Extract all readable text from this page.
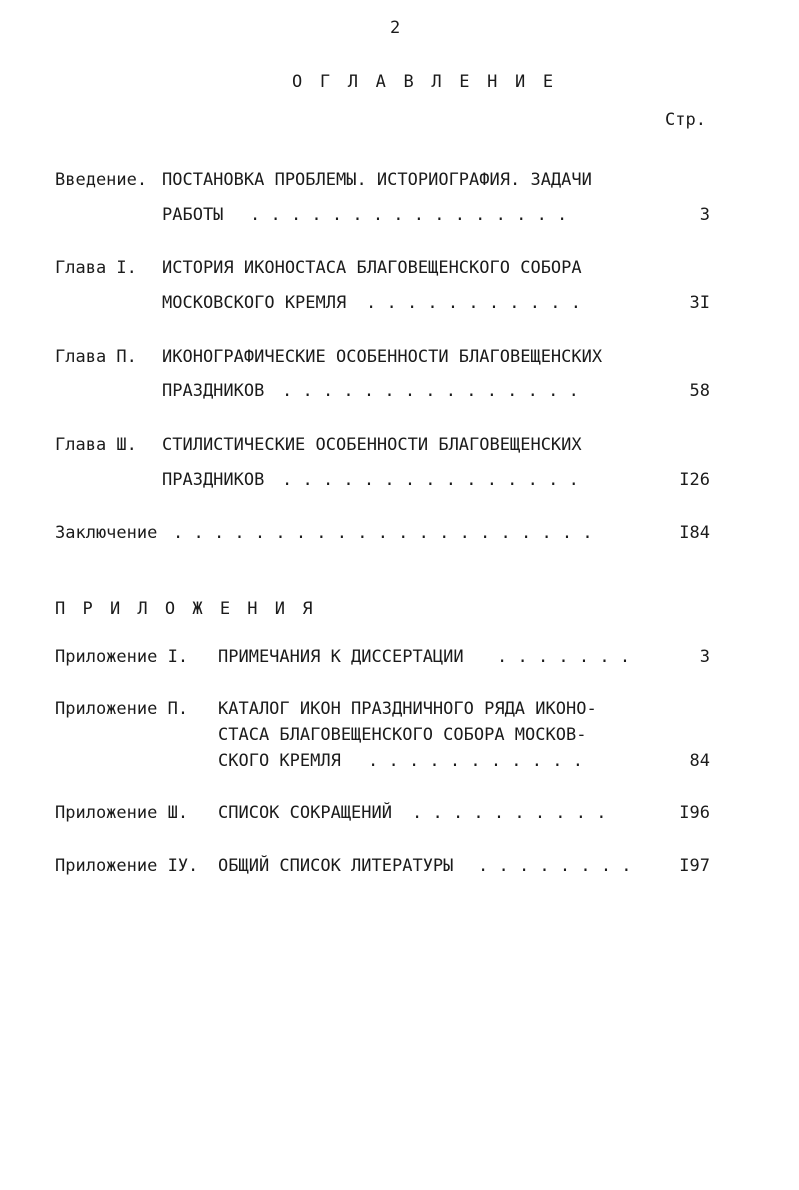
2
О Г Л А В Л Е Н И Е
Стр.
Введение. ПОСТАНОВКА ПРОБЛЕМЫ. ИСТОРИОГРАФИЯ. ЗАДАЧИ
РАБОТЫ . . . . . . . . . . . . . . . .	3
Глава I. ИСТОРИЯ ИКОНОСТАСА БЛАГОВЕЩЕНСКОГО СОБОРА
МОСКОВСКОГО КРЕМЛЯ . . . . . . . . . . .	3I
Глава П. ИКОНОГРАФИЧЕСКИЕ ОСОБЕННОСТИ БЛАГОВЕЩЕНСКИХ
ПРАЗДНИКОВ . . . . . . . . . . . . . . .	58
Глава Ш. СТИЛИСТИЧЕСКИЕ ОСОБЕННОСТИ БЛАГОВЕЩЕНСКИХ
ПРАЗДНИКОВ . . . . . . . . . . . . . . .	I26
Заключение . . . . . . . . . . . . . . . . . . . . .	I84
П Р И Л О Ж Е Н И Я
Приложение I. ПРИМЕЧАНИЯ К ДИССЕРТАЦИИ . . . . . . .	3
Приложение П. КАТАЛОГ ИКОН ПРАЗДНИЧНОГО РЯДА ИКОНО-
СТАСА БЛАГОВЕЩЕНСКОГО СОБОРА МОСКОВ-
СКОГО КРЕМЛЯ . . . . . . . . . . .	84
Приложение Ш. СПИСОК СОКРАЩЕНИЙ . . . . . . . . . .	I96
Приложение IУ. ОБЩИЙ СПИСОК ЛИТЕРАТУРЫ . . . . . . . .	I97
